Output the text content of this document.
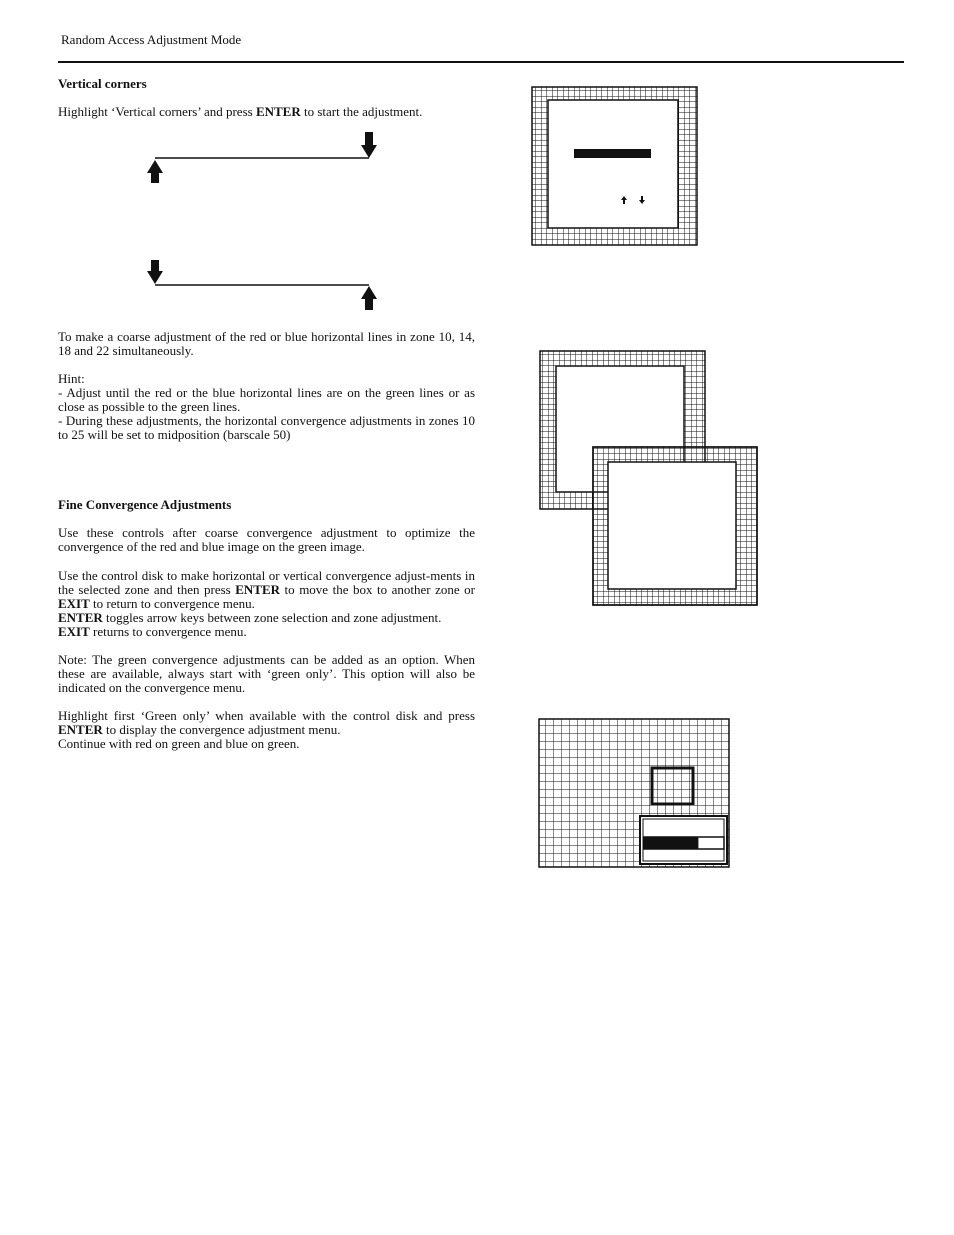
Random Access Adjustment Mode

Vertical corners

Highlight ‘Vertical corners’ and press ENTER to start the adjustment.

To make a coarse adjustment of the red or blue horizontal lines in zone 10, 14, 18 and 22 simultaneously.

Hint:

- Adjust until the red or the blue horizontal lines are on the green lines or as close as possible to the green lines.

- During these adjustments, the horizontal convergence adjustments in zones 10 to 25 will be set to midposition (barscale 50)

Fine Convergence Adjustments

Use these controls after coarse convergence adjustment to optimize the convergence of the red and blue image on the green image.

Use the control disk to make horizontal or vertical convergence adjust-ments in the selected zone and then press ENTER to move the box to another zone or EXIT to return to convergence menu.

ENTER toggles arrow keys between zone selection and zone adjustment.

EXIT returns to convergence menu.

Note: The green convergence adjustments can be added as an option. When these are available, always start with ‘green only’. This option will also be indicated on the convergence menu.

Highlight first ‘Green only’ when available with the control disk and press ENTER to display the convergence adjustment menu.

Continue with red on green and blue on green.
